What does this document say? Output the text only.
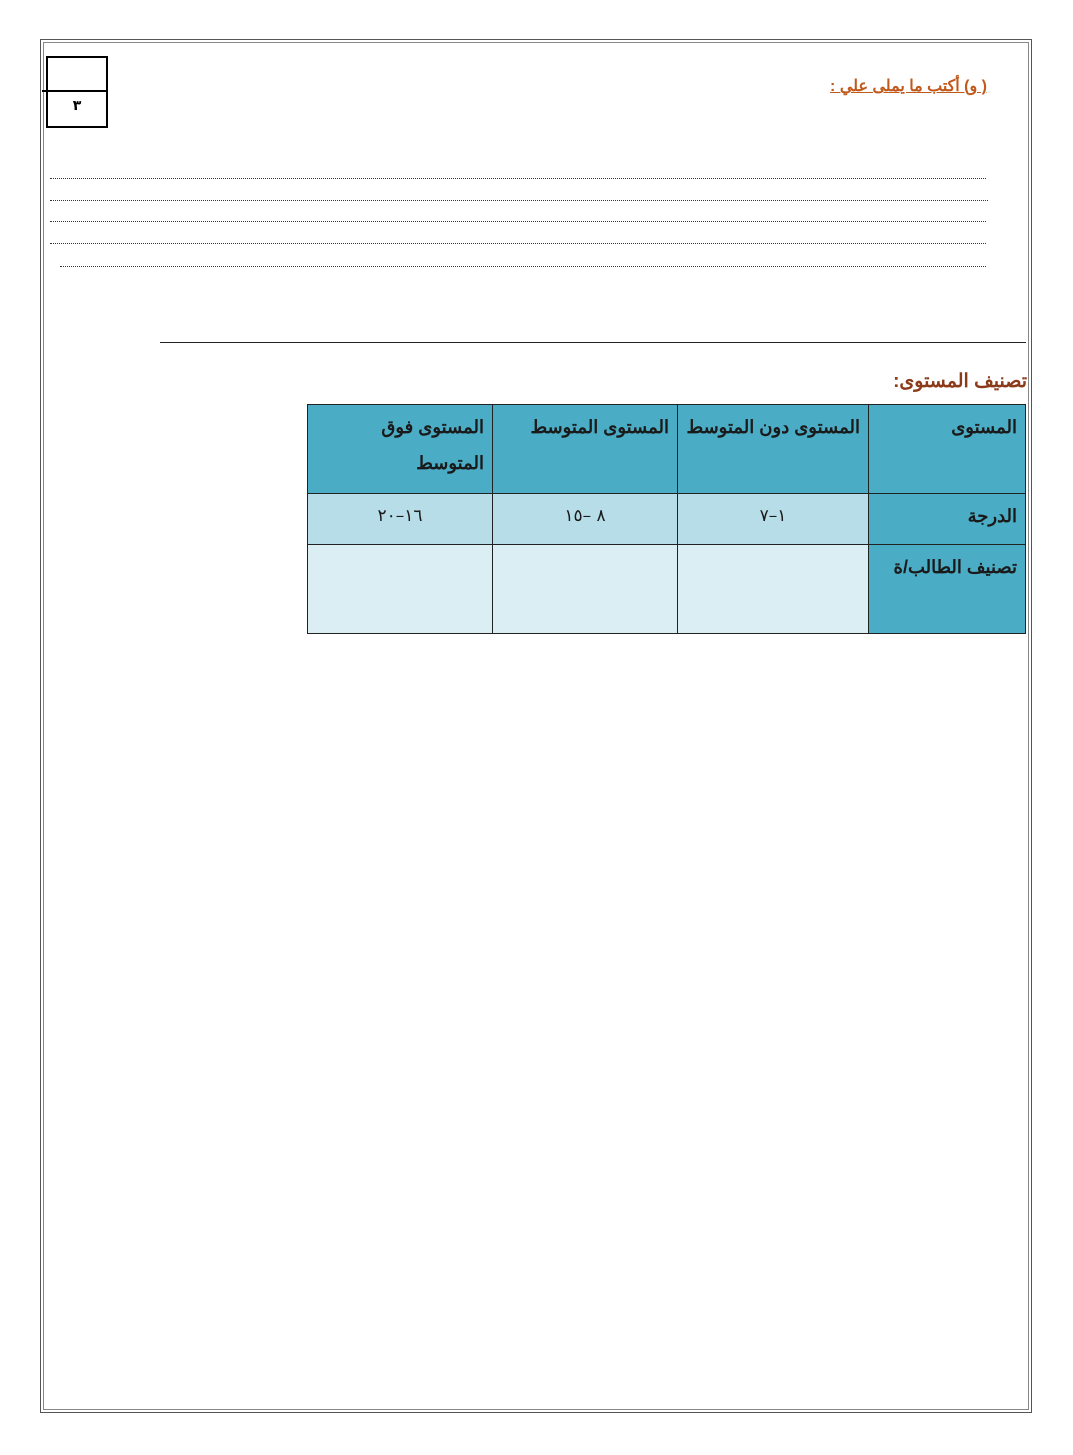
٣
( و) أكتب ما يملى علي :
تصنيف المستوى:
المستوى	المستوى دون المتوسط	المستوى المتوسط	المستوى فوق المتوسط
الدرجة	١–٧	٨ –١٥	١٦–٢٠
تصنيف الطالب/ة			
